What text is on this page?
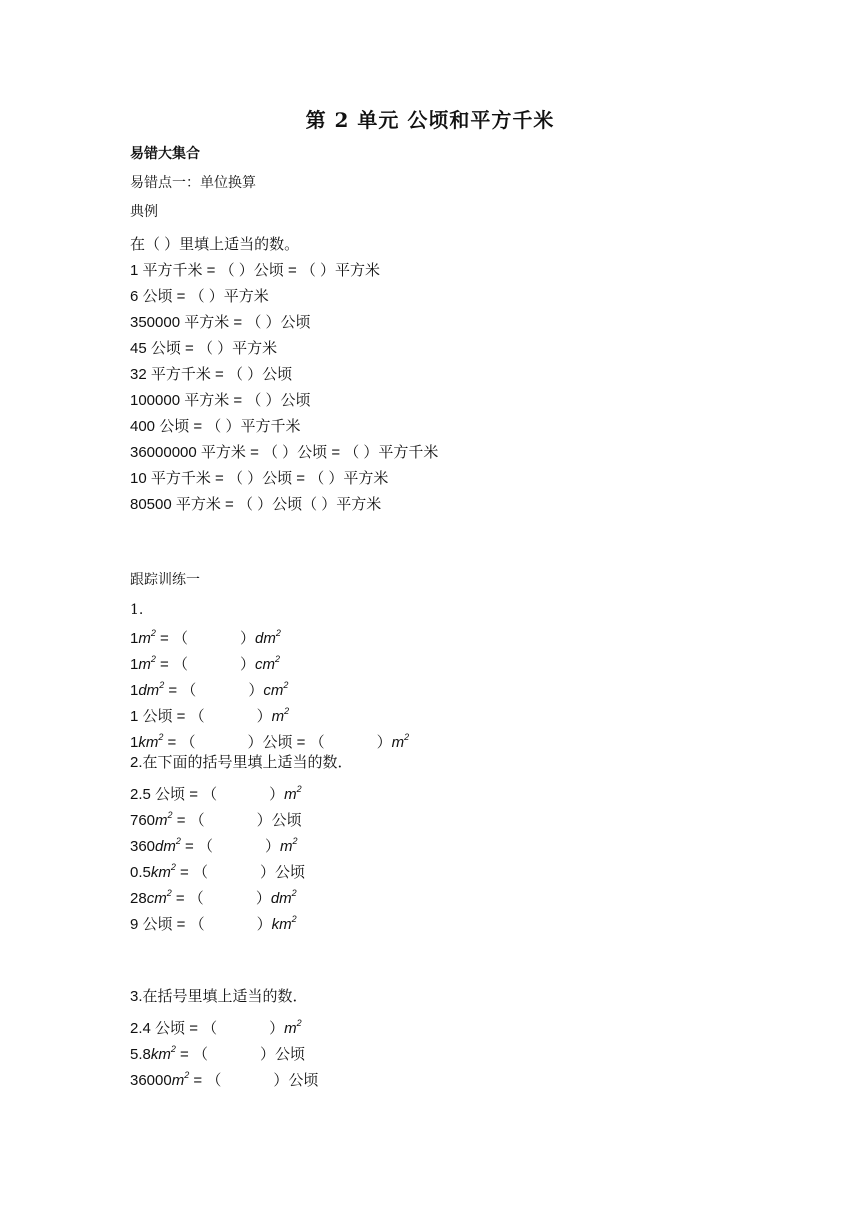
第 2 单元 公顷和平方千米
易错大集合
易错点一：单位换算
典例
在（ ）里填上适当的数。
1 平方千米 = （ ）公顷 = （ ）平方米
6 公顷 = （ ）平方米
350000 平方米 = （ ）公顷
45 公顷 = （ ）平方米
32 平方千米 = （ ）公顷
100000 平方米 = （ ）公顷
400 公顷 = （ ）平方千米
36000000 平方米 = （ ）公顷 = （ ）平方千米
10 平方千米 = （ ）公顷 = （ ）平方米
80500 平方米 = （ ）公顷（ ）平方米
跟踪训练一
1.
$1m^2$ = （	）$dm^2$
$1m^2$ = （	）$cm^2$
$1dm^2$ = （	）$cm^2$
1 公顷 = （	）$m^2$
$1km^2$ = （	）公顷 = （	）$m^2$
2.在下面的括号里填上适当的数．
2.5 公顷 = （	）$m^2$
$760m^2$ = （	）公顷
$360dm^2$ = （	）$m^2$
$0.5km^2$ = （	）公顷
$28cm^2$ = （	）$dm^2$
9 公顷 = （	）$km^2$
3.在括号里填上适当的数．
2.4 公顷 = （	）$m^2$
$5.8km^2$ = （	）公顷
$36000m^2$ = （	）公顷
